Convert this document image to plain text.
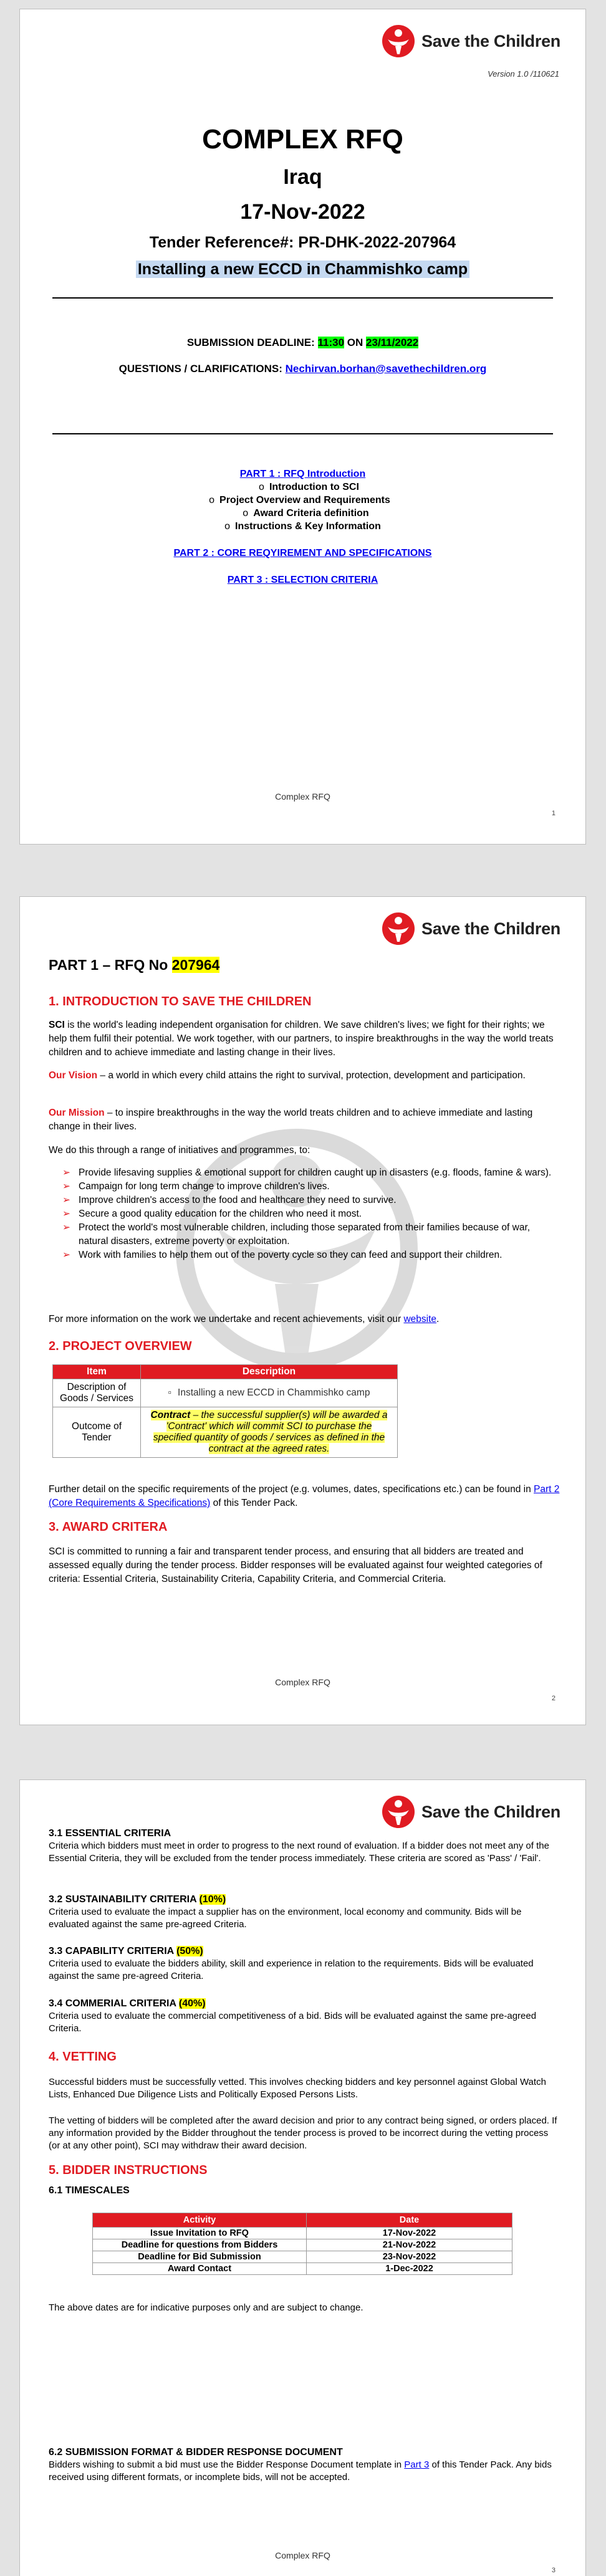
Save the Children
Version 1.0 /110621
COMPLEX RFQ
Iraq
17-Nov-2022
Tender Reference#: PR-DHK-2022-207964
Installing a new ECCD in Chammishko camp
SUBMISSION DEADLINE: 11:30 ON 23/11/2022
QUESTIONS / CLARIFICATIONS: Nechirvan.borhan@savethechildren.org
PART 1 : RFQ Introduction
o Introduction to SCI
o Project Overview and Requirements
o Award Criteria definition
o Instructions & Key Information
PART 2 : CORE REQYIREMENT AND SPECIFICATIONS
PART 3 : SELECTION CRITERIA
Complex RFQ
1
Save the Children
PART 1 – RFQ No 207964
1. INTRODUCTION TO SAVE THE CHILDREN
SCI is the world's leading independent organisation for children. We save children's lives; we fight for their rights; we help them fulfil their potential. We work together, with our partners, to inspire breakthroughs in the way the world treats children and to achieve immediate and lasting change in their lives.
Our Vision – a world in which every child attains the right to survival, protection, development and participation.
Our Mission – to inspire breakthroughs in the way the world treats children and to achieve immediate and lasting change in their lives.
We do this through a range of initiatives and programmes, to:
➢ Provide lifesaving supplies & emotional support for children caught up in disasters (e.g. floods, famine & wars).
➢ Campaign for long term change to improve children's lives.
➢ Improve children's access to the food and healthcare they need to survive.
➢ Secure a good quality education for the children who need it most.
➢ Protect the world's most vulnerable children, including those separated from their families because of war, natural disasters, extreme poverty or exploitation.
➢ Work with families to help them out of the poverty cycle so they can feed and support their children.
For more information on the work we undertake and recent achievements, visit our website.
2. PROJECT OVERVIEW
Item	Description
Description of Goods / Services	▫ Installing a new ECCD in Chammishko camp
Outcome of Tender	Contract – the successful supplier(s) will be awarded a 'Contract' which will commit SCI to purchase the specified quantity of goods / services as defined in the contract at the agreed rates.
Further detail on the specific requirements of the project (e.g. volumes, dates, specifications etc.) can be found in Part 2 (Core Requirements & Specifications) of this Tender Pack.
3. AWARD CRITERA
SCI is committed to running a fair and transparent tender process, and ensuring that all bidders are treated and assessed equally during the tender process. Bidder responses will be evaluated against four weighted categories of criteria: Essential Criteria, Sustainability Criteria, Capability Criteria, and Commercial Criteria.
Complex RFQ
2
Save the Children
3.1 ESSENTIAL CRITERIA
Criteria which bidders must meet in order to progress to the next round of evaluation. If a bidder does not meet any of the Essential Criteria, they will be excluded from the tender process immediately. These criteria are scored as 'Pass' / 'Fail'.
3.2 SUSTAINABILITY CRITERIA (10%)
Criteria used to evaluate the impact a supplier has on the environment, local economy and community. Bids will be evaluated against the same pre-agreed Criteria.
3.3 CAPABILITY CRITERIA (50%)
Criteria used to evaluate the bidders ability, skill and experience in relation to the requirements. Bids will be evaluated against the same pre-agreed Criteria.
3.4 COMMERIAL CRITERIA (40%)
Criteria used to evaluate the commercial competitiveness of a bid. Bids will be evaluated against the same pre-agreed Criteria.
4. VETTING
Successful bidders must be successfully vetted. This involves checking bidders and key personnel against Global Watch Lists, Enhanced Due Diligence Lists and Politically Exposed Persons Lists.
The vetting of bidders will be completed after the award decision and prior to any contract being signed, or orders placed. If any information provided by the Bidder throughout the tender process is proved to be incorrect during the vetting process (or at any other point), SCI may withdraw their award decision.
5. BIDDER INSTRUCTIONS
6.1 TIMESCALES
Activity	Date
Issue Invitation to RFQ	17-Nov-2022
Deadline for questions from Bidders	21-Nov-2022
Deadline for Bid Submission	23-Nov-2022
Award Contact	1-Dec-2022
The above dates are for indicative purposes only and are subject to change.
6.2 SUBMISSION FORMAT & BIDDER RESPONSE DOCUMENT
Bidders wishing to submit a bid must use the Bidder Response Document template in Part 3 of this Tender Pack. Any bids received using different formats, or incomplete bids, will not be accepted.
Complex RFQ
3
